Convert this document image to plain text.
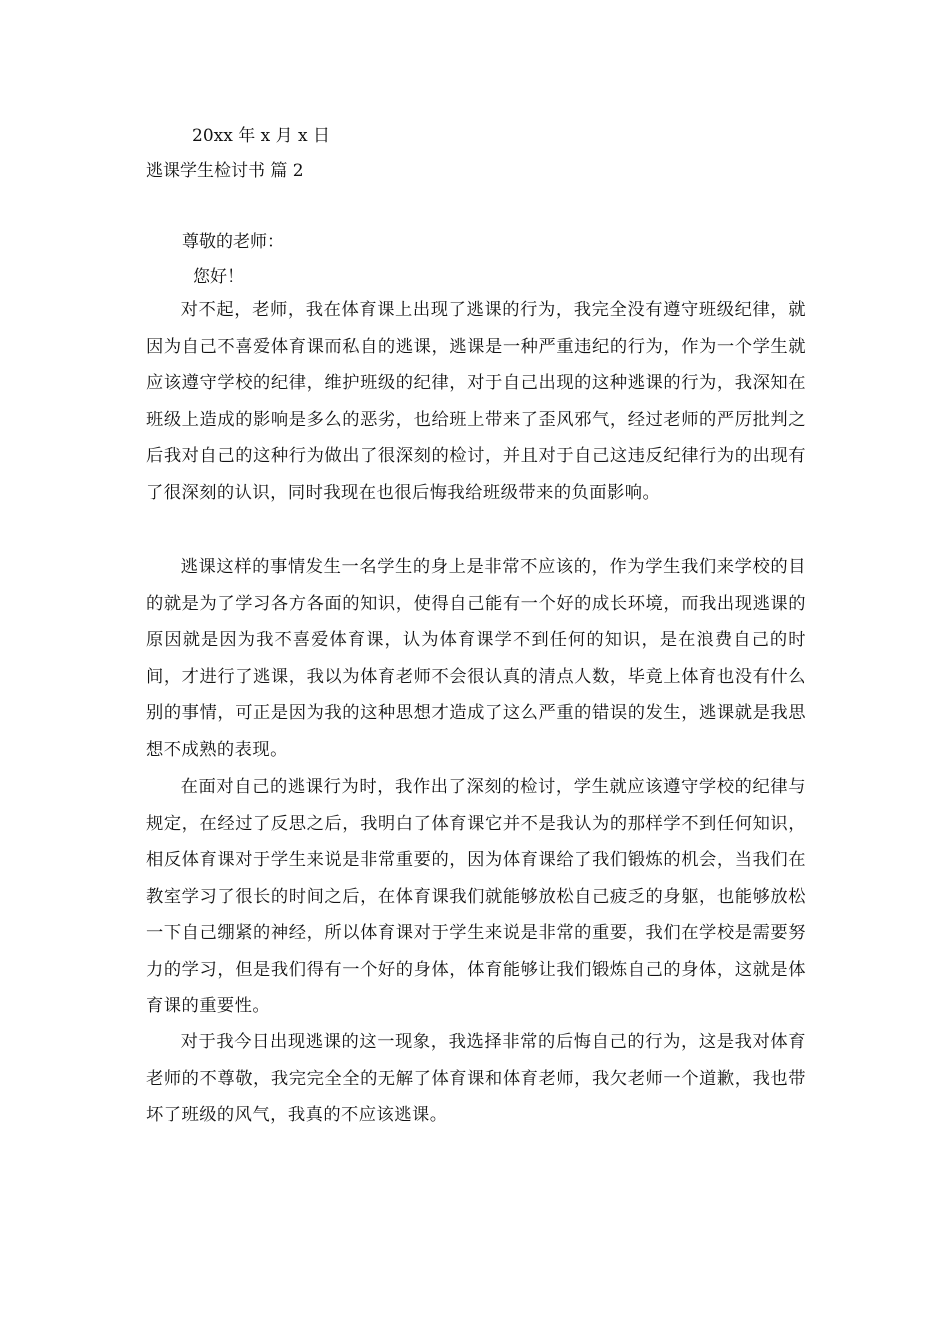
20xx 年 x 月 x 日
逃课学生检讨书 篇 2
尊敬的老师：
您好！

对不起，老师，我在体育课上出现了逃课的行为，我完全没有遵守班级纪律，就因为自己不喜爱体育课而私自的逃课，逃课是一种严重违纪的行为，作为一个学生就应该遵守学校的纪律，维护班级的纪律，对于自己出现的这种逃课的行为，我深知在班级上造成的影响是多么的恶劣，也给班上带来了歪风邪气，经过老师的严厉批判之后我对自己的这种行为做出了很深刻的检讨，并且对于自己这违反纪律行为的出现有了很深刻的认识，同时我现在也很后悔我给班级带来的负面影响。

逃课这样的事情发生一名学生的身上是非常不应该的，作为学生我们来学校的目的就是为了学习各方各面的知识，使得自己能有一个好的成长环境，而我出现逃课的原因就是因为我不喜爱体育课，认为体育课学不到任何的知识，是在浪费自己的时间，才进行了逃课，我以为体育老师不会很认真的清点人数，毕竟上体育也没有什么别的事情，可正是因为我的这种思想才造成了这么严重的错误的发生，逃课就是我思想不成熟的表现。

在面对自己的逃课行为时，我作出了深刻的检讨，学生就应该遵守学校的纪律与规定，在经过了反思之后，我明白了体育课它并不是我认为的那样学不到任何知识，相反体育课对于学生来说是非常重要的，因为体育课给了我们锻炼的机会，当我们在教室学习了很长的时间之后，在体育课我们就能够放松自己疲乏的身躯，也能够放松一下自己绷紧的神经，所以体育课对于学生来说是非常的重要，我们在学校是需要努力的学习，但是我们得有一个好的身体，体育能够让我们锻炼自己的身体，这就是体育课的重要性。

对于我今日出现逃课的这一现象，我选择非常的后悔自己的行为，这是我对体育老师的不尊敬，我完完全全的无解了体育课和体育老师，我欠老师一个道歉，我也带坏了班级的风气，我真的不应该逃课。
